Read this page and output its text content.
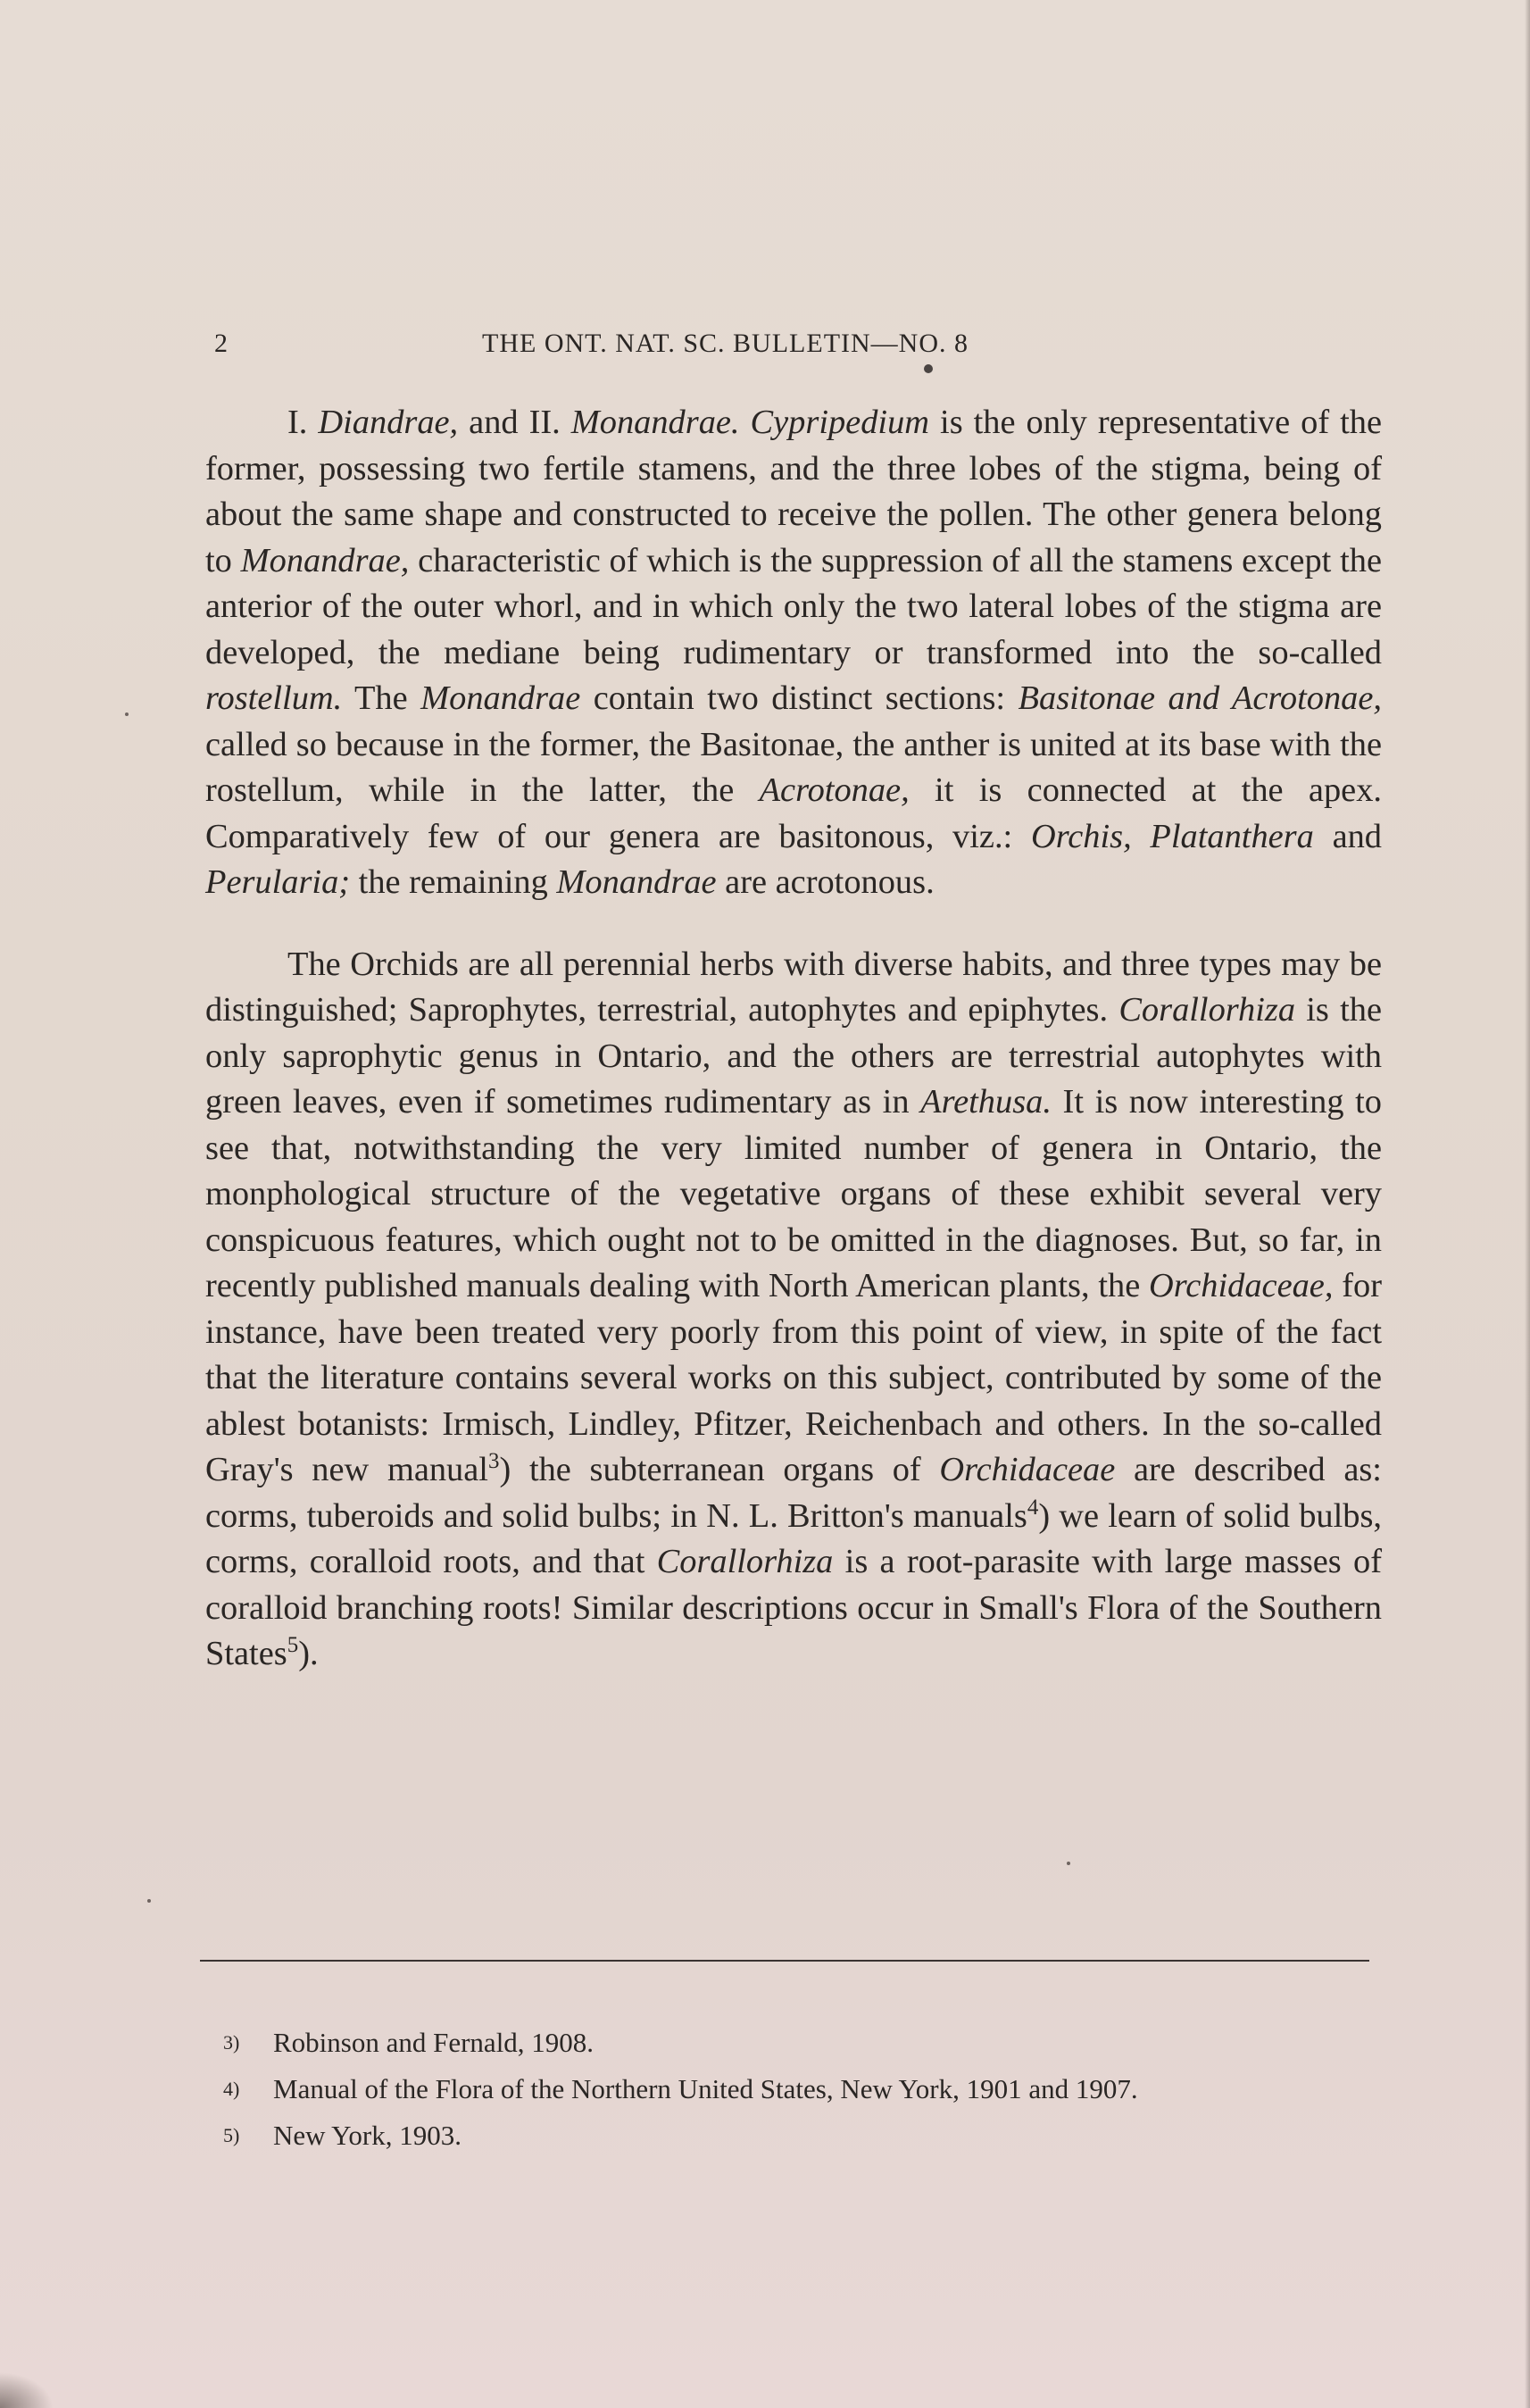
2	THE ONT. NAT. SC. BULLETIN—NO. 8

I. Diandrae, and II. Monandrae. Cypripedium is the only representative of the former, possessing two fertile stamens, and the three lobes of the stigma, being of about the same shape and constructed to receive the pollen. The other genera belong to Monandrae, characteristic of which is the suppression of all the stamens except the anterior of the outer whorl, and in which only the two lateral lobes of the stigma are developed, the mediane being rudimentary or transformed into the so-called rostellum. The Monandrae contain two distinct sections: Basitonae and Acrotonae, called so because in the former, the Basitonae, the anther is united at its base with the rostellum, while in the latter, the Acrotonae, it is connected at the apex. Comparatively few of our genera are basitonous, viz.: Orchis, Platanthera and Perularia; the remaining Monandrae are acrotonous.

The Orchids are all perennial herbs with diverse habits, and three types may be distinguished; Saprophytes, terrestrial, autophytes and epiphytes. Corallorhiza is the only saprophytic genus in Ontario, and the others are terrestrial autophytes with green leaves, even if sometimes rudimentary as in Arethusa. It is now interesting to see that, notwithstanding the very limited number of genera in Ontario, the monphological structure of the vegetative organs of these exhibit several very conspicuous features, which ought not to be omitted in the diagnoses. But, so far, in recently published manuals dealing with North American plants, the Orchidaceae, for instance, have been treated very poorly from this point of view, in spite of the fact that the literature contains several works on this subject, contributed by some of the ablest botanists: Irmisch, Lindley, Pfitzer, Reichenbach and others. In the so-called Gray's new manual$^3$) the subterranean organs of Orchidaceae are described as: corms, tuberoids and solid bulbs; in N. L. Britton's manuals$^4$) we learn of solid bulbs, corms, coralloid roots, and that Corallorhiza is a root-parasite with large masses of coralloid branching roots! Similar descriptions occur in Small's Flora of the Southern States$^5$).

3)	Robinson and Fernald, 1908.
4)	Manual of the Flora of the Northern United States, New York, 1901 and 1907.
5)	New York, 1903.
